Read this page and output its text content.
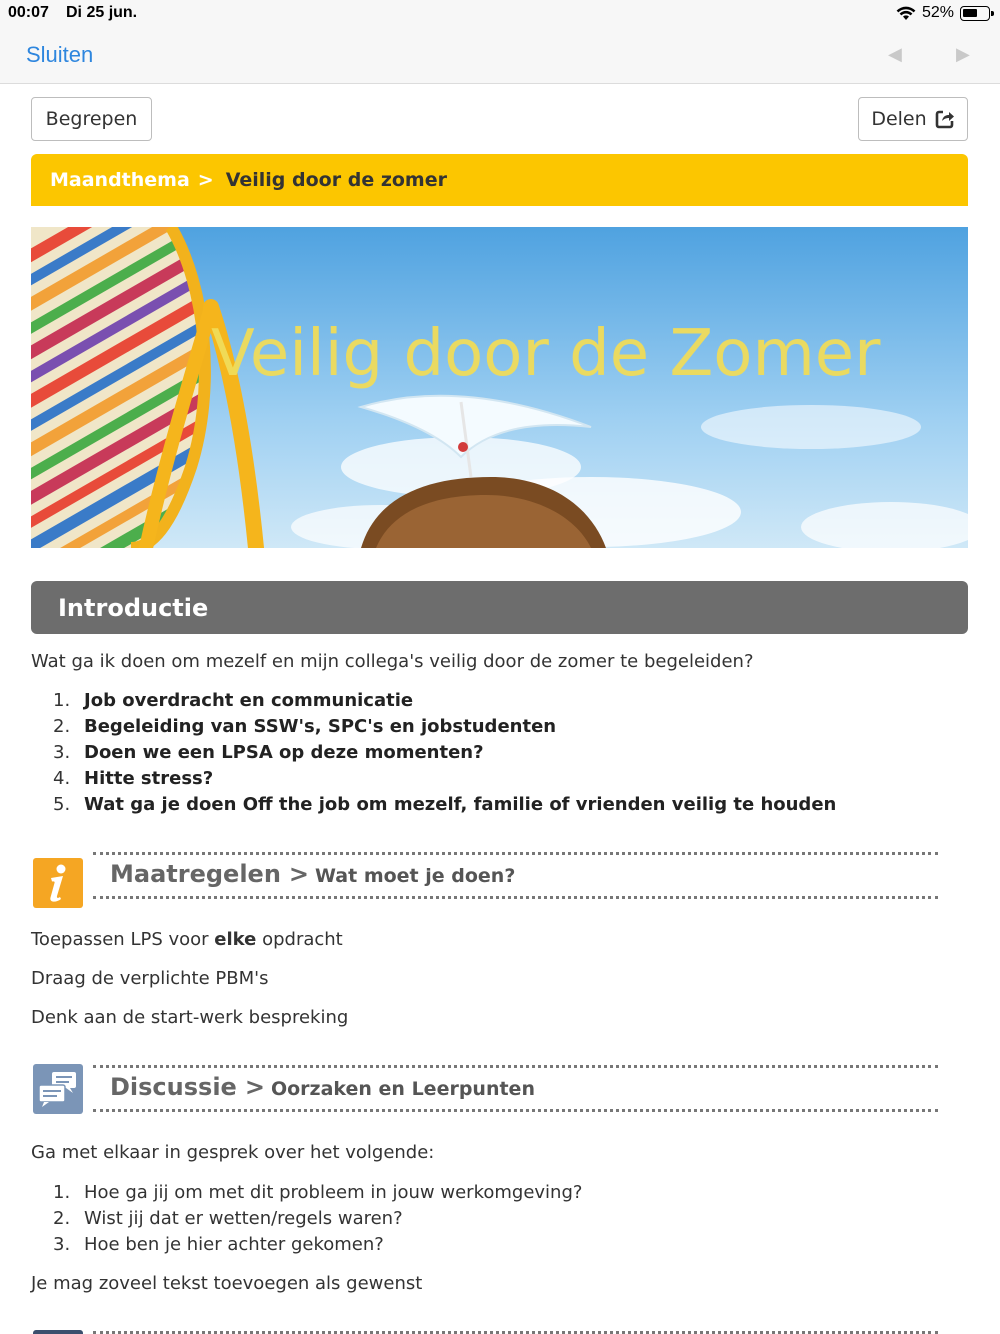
00:07 Di 25 jun.	52%
Sluiten	◀	▶
Begrepen	Delen
Maandthema > Veilig door de zomer
Veilig door de Zomer
Introductie
Wat ga ik doen om mezelf en mijn collega's veilig door de zomer te begeleiden?
1. Job overdracht en communicatie
2. Begeleiding van SSW's, SPC's en jobstudenten
3. Doen we een LPSA op deze momenten?
4. Hitte stress?
5. Wat ga je doen Off the job om mezelf, familie of vrienden veilig te houden
Maatregelen > Wat moet je doen?
Toepassen LPS voor elke opdracht
Draag de verplichte PBM's
Denk aan de start-werk bespreking
Discussie > Oorzaken en Leerpunten
Ga met elkaar in gesprek over het volgende:
1. Hoe ga jij om met dit probleem in jouw werkomgeving?
2. Wist jij dat er wetten/regels waren?
3. Hoe ben je hier achter gekomen?
Je mag zoveel tekst toevoegen als gewenst
